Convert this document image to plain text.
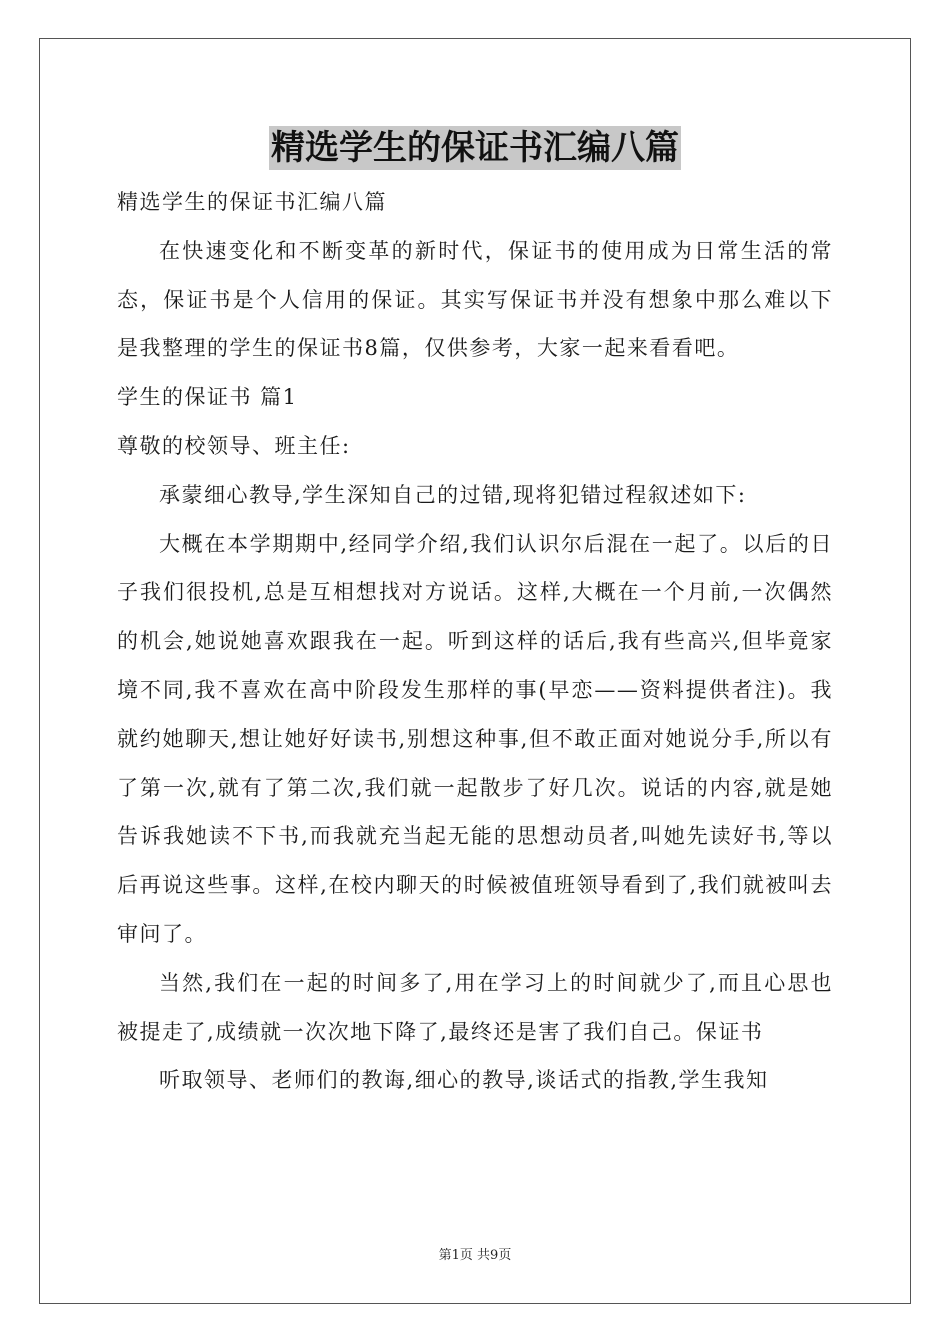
精选学生的保证书汇编八篇

精选学生的保证书汇编八篇

在快速变化和不断变革的新时代，保证书的使用成为日常生活的常态，保证书是个人信用的保证。其实写保证书并没有想象中那么难以下是我整理的学生的保证书8篇，仅供参考，大家一起来看看吧。

学生的保证书 篇1

尊敬的校领导、班主任:

承蒙细心教导,学生深知自己的过错,现将犯错过程叙述如下:

大概在本学期期中,经同学介绍,我们认识尔后混在一起了。以后的日子我们很投机,总是互相想找对方说话。这样,大概在一个月前,一次偶然的机会,她说她喜欢跟我在一起。听到这样的话后,我有些高兴,但毕竟家境不同,我不喜欢在高中阶段发生那样的事(早恋——资料提供者注)。我就约她聊天,想让她好好读书,别想这种事,但不敢正面对她说分手,所以有了第一次,就有了第二次,我们就一起散步了好几次。说话的内容,就是她告诉我她读不下书,而我就充当起无能的思想动员者,叫她先读好书,等以后再说这些事。这样,在校内聊天的时候被值班领导看到了,我们就被叫去审问了。

当然,我们在一起的时间多了,用在学习上的时间就少了,而且心思也被提走了,成绩就一次次地下降了,最终还是害了我们自己。保证书

听取领导、老师们的教诲,细心的教导,谈话式的指教,学生我知

第1页 共9页
